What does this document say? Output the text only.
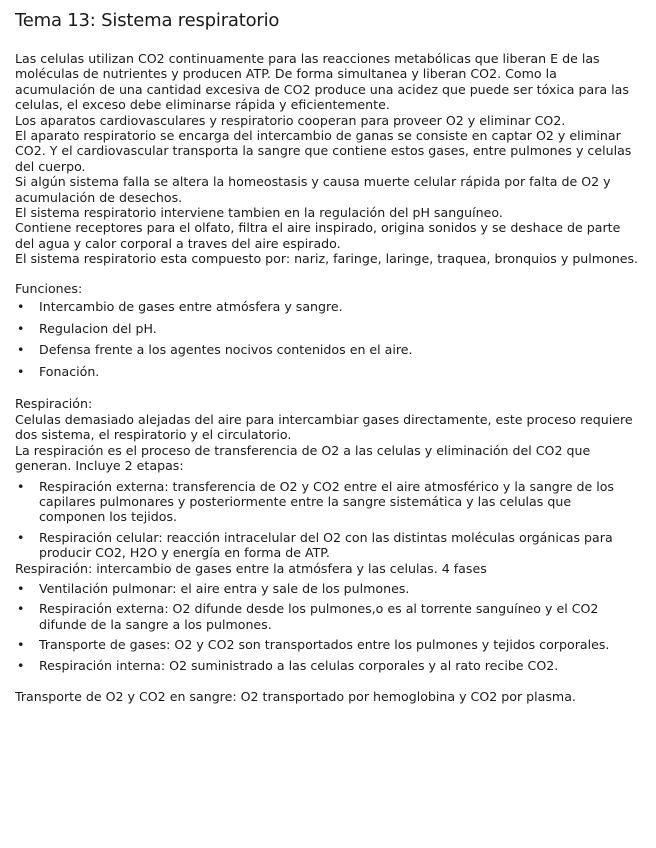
Tema 13: Sistema respiratorio

Las celulas utilizan CO2 continuamente para las reacciones metabólicas que liberan E de las moléculas de nutrientes y producen ATP. De forma simultanea y liberan CO2. Como la acumulación de una cantidad excesiva de CO2 produce una acidez que puede ser tóxica para las celulas, el exceso debe eliminarse rápida y eficientemente.

Los aparatos cardiovasculares y respiratorio cooperan para proveer O2 y eliminar CO2.

El aparato respiratorio se encarga del intercambio de ganas se consiste en captar O2 y eliminar CO2. Y el cardiovascular transporta la sangre que contiene estos gases, entre pulmones y celulas del cuerpo.

Si algún sistema falla se altera la homeostasis y causa muerte celular rápida por falta de O2 y acumulación de desechos.

El sistema respiratorio interviene tambien en la regulación del pH sanguíneo.

Contiene receptores para el olfato, filtra el aire inspirado, origina sonidos y se deshace de parte del agua y calor corporal a traves del aire espirado.

El sistema respiratorio esta compuesto por: nariz, faringe, laringe, traquea, bronquios y pulmones.

Funciones:

• Intercambio de gases entre atmósfera y sangre.
• Regulacion del pH.
• Defensa frente a los agentes nocivos contenidos en el aire.
• Fonación.

Respiración:

Celulas demasiado alejadas del aire para intercambiar gases directamente, este proceso requiere dos sistema, el respiratorio y el circulatorio.

La respiración es el proceso de transferencia de O2 a las celulas y eliminación del CO2 que generan. Incluye 2 etapas:

• Respiración externa: transferencia de O2 y CO2 entre el aire atmosférico y la sangre de los capilares pulmonares y posteriormente entre la sangre sistemática y las celulas que componen los tejidos.
• Respiración celular: reacción intracelular del O2 con las distintas moléculas orgánicas para producir CO2, H2O y energía en forma de ATP.

Respiración: intercambio de gases entre la atmósfera y las celulas. 4 fases

• Ventilación pulmonar: el aire entra y sale de los pulmones.
• Respiración externa: O2 difunde desde los pulmones,o es al torrente sanguíneo y el CO2 difunde de la sangre a los pulmones.
• Transporte de gases: O2 y CO2 son transportados entre los pulmones y tejidos corporales.
• Respiración interna: O2 suministrado a las celulas corporales y al rato recibe CO2.

Transporte de O2 y CO2 en sangre: O2 transportado por hemoglobina y CO2 por plasma.
